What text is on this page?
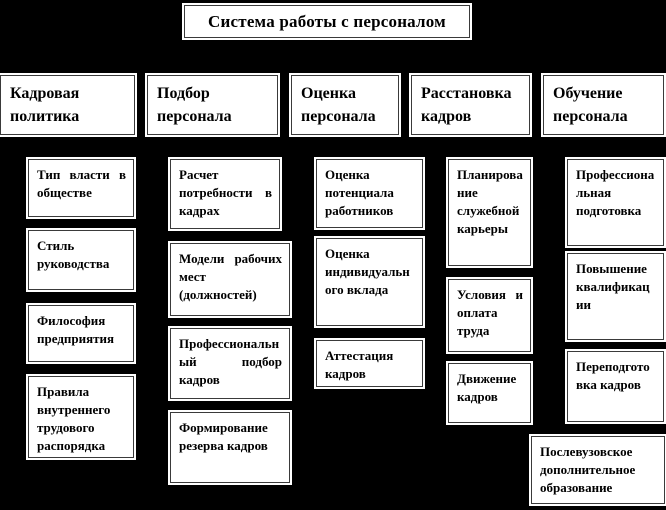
Система работы с персоналом
Кадровая политика
Подбор персонала
Оценка персонала
Расстановка кадров
Обучение персонала
Тип власти в обществе
Стиль руководства
Философия предприятия
Правила внутреннего трудового распорядка
Расчет потребности в кадрах
Модели рабочих мест (должностей)
Профессиональный подбор кадров
Формирование резерва кадров
Оценка потенциала работников
Оценка индивидуального вклада
Аттестация кадров
Планирование служебной карьеры
Условия и оплата труда
Движение кадров
Профессиональная подготовка
Повышение квалификации
Переподготовка кадров
Послевузовское дополнительное образование
